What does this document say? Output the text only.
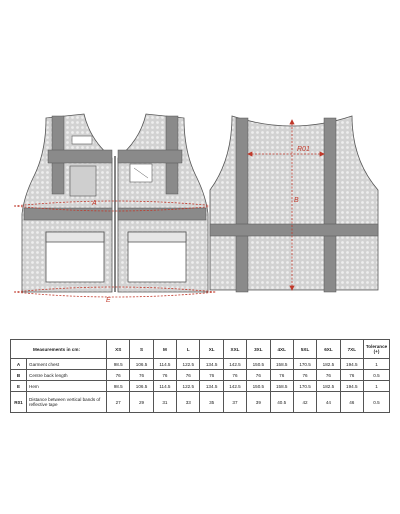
A
E
R01
B
Measurements in cm:		XS	S	M	L	XL	XXL	3XL	4XL	5XL	6XL	7XL	Tolerance (+)
A	Garment chest	98.5	106.5	114.5	122.5	134.5	142.5	150.5	158.5	170.5	182.5	194.5	1
B	Centre back length	76	76	76	76	76	76	76	76	76	76	76	0.5
E	Hem	98.5	106.5	114.5	122.5	134.5	142.5	150.5	158.5	170.5	182.5	194.5	1
R01	Distance between vertical bands of reflective tape	27	29	31	33	35	37	39	40.5	42	44	46	0.5
